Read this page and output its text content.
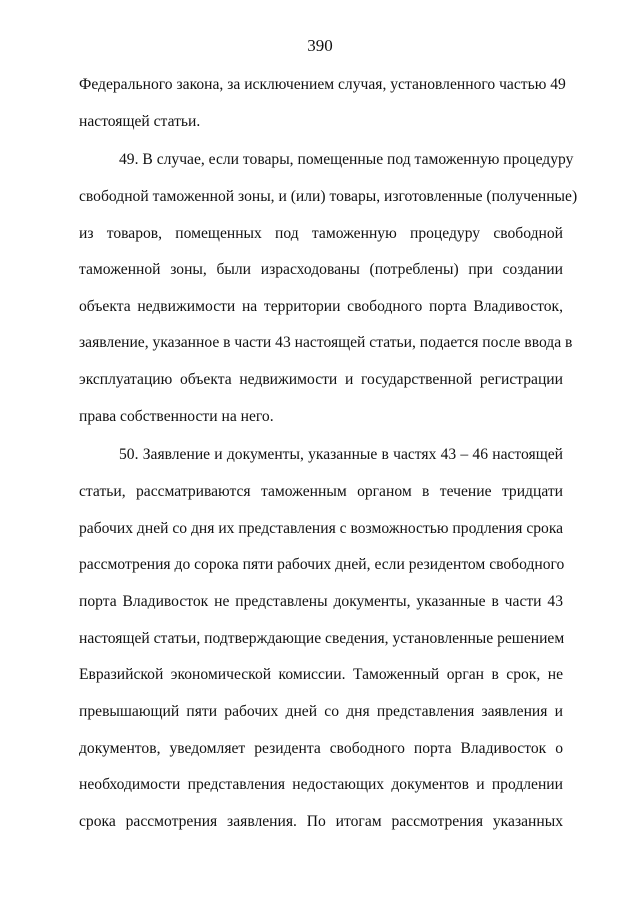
390
Федерального закона, за исключением случая, установленного частью 49
настоящей статьи.
49. В случае, если товары, помещенные под таможенную процедуру
свободной таможенной зоны, и (или) товары, изготовленные (полученные)
из товаров, помещенных под таможенную процедуру свободной
таможенной зоны, были израсходованы (потреблены) при создании
объекта недвижимости на территории свободного порта Владивосток,
заявление, указанное в части 43 настоящей статьи, подается после ввода в
эксплуатацию объекта недвижимости и государственной регистрации
права собственности на него.
50. Заявление и документы, указанные в частях 43 – 46 настоящей
статьи, рассматриваются таможенным органом в течение тридцати
рабочих дней со дня их представления с возможностью продления срока
рассмотрения до сорока пяти рабочих дней, если резидентом свободного
порта Владивосток не представлены документы, указанные в части 43
настоящей статьи, подтверждающие сведения, установленные решением
Евразийской экономической комиссии. Таможенный орган в срок, не
превышающий пяти рабочих дней со дня представления заявления и
документов, уведомляет резидента свободного порта Владивосток о
необходимости представления недостающих документов и продлении
срока рассмотрения заявления. По итогам рассмотрения указанных
